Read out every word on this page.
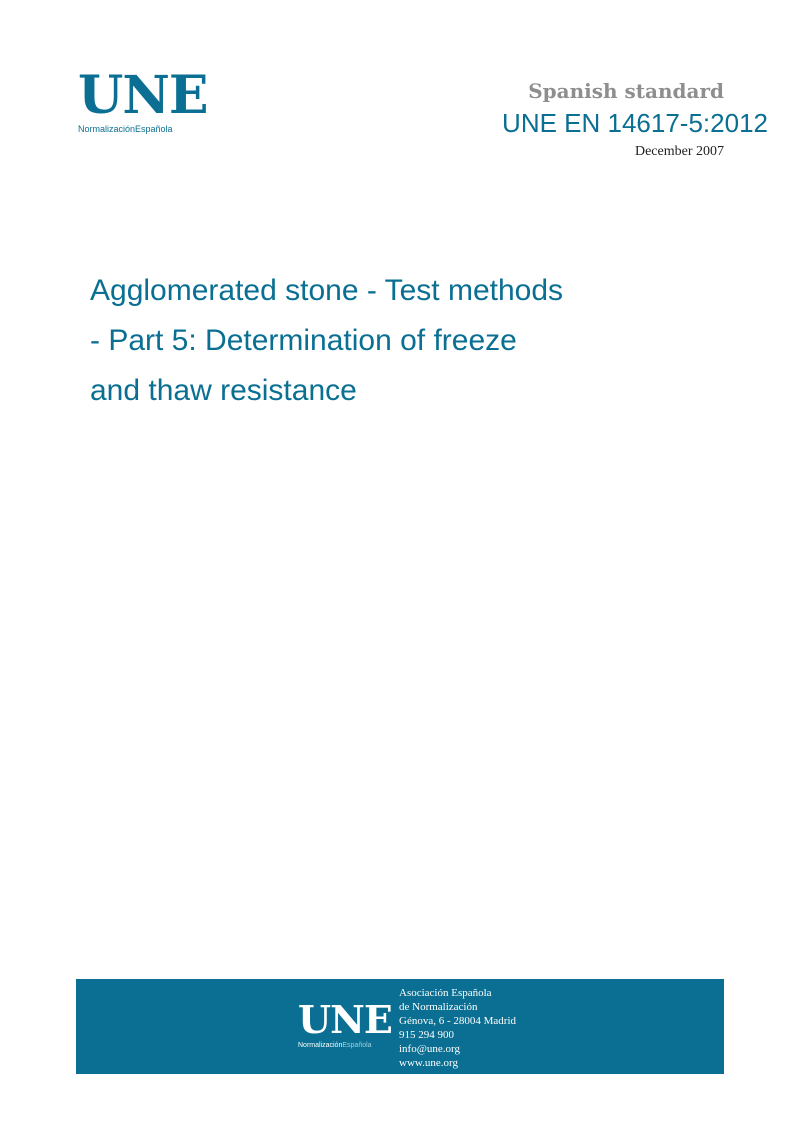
UNE
NormalizaciónEspañola
Spanish standard
UNE EN 14617-5:2012
December 2007
Agglomerated stone - Test methods
- Part 5: Determination of freeze
and thaw resistance
UNE
NormalizaciónEspañola
Asociación Española
de Normalización
Génova, 6 - 28004 Madrid
915 294 900
info@une.org
www.une.org
